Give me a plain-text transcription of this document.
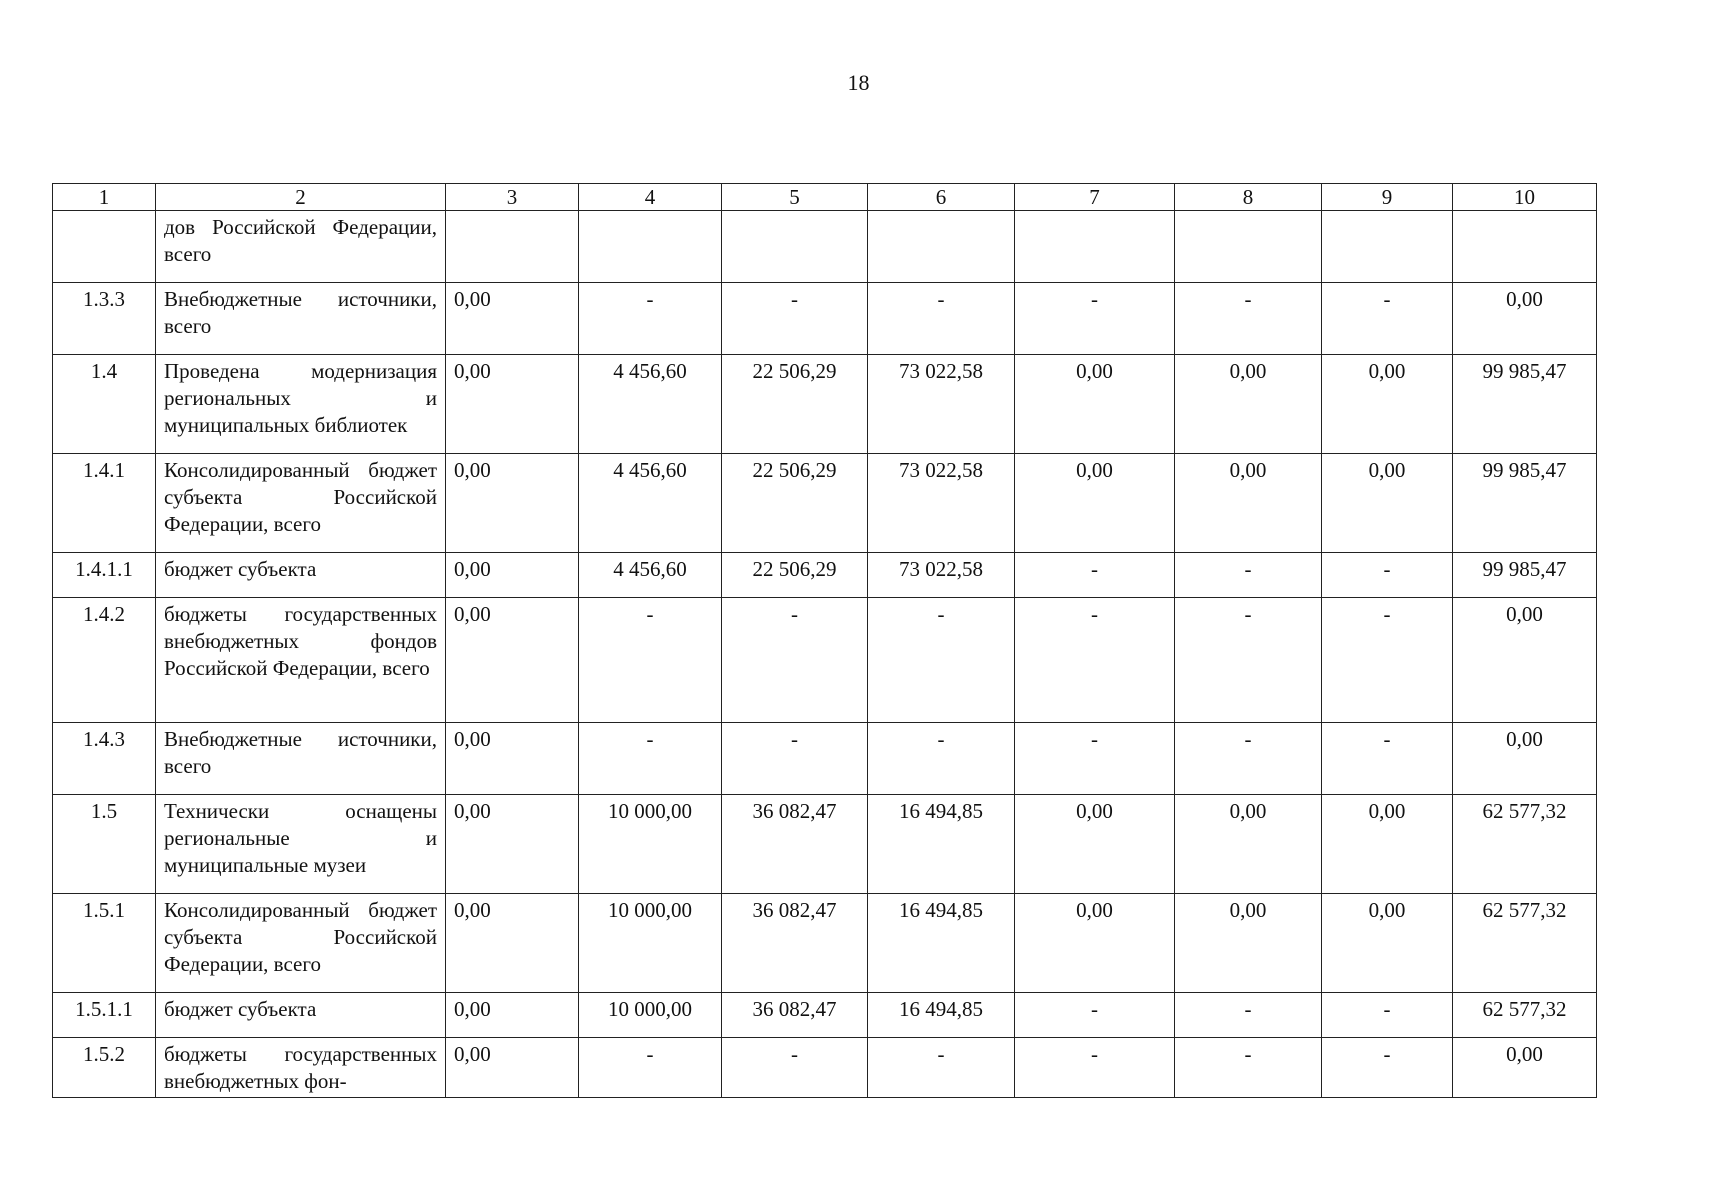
18
1	2	3	4	5	6	7	8	9	10
	дов Российской Федерации, всего								
1.3.3	Внебюджетные источники, всего	0,00	-	-	-	-	-	-	0,00
1.4	Проведена модернизация региональных и муниципальных библиотек	0,00	4 456,60	22 506,29	73 022,58	0,00	0,00	0,00	99 985,47
1.4.1	Консолидированный бюджет субъекта Российской Федерации, всего	0,00	4 456,60	22 506,29	73 022,58	0,00	0,00	0,00	99 985,47
1.4.1.1	бюджет субъекта	0,00	4 456,60	22 506,29	73 022,58	-	-	-	99 985,47
1.4.2	бюджеты государственных внебюджетных фондов Российской Федерации, всего	0,00	-	-	-	-	-	-	0,00
1.4.3	Внебюджетные источники, всего	0,00	-	-	-	-	-	-	0,00
1.5	Технически оснащены региональные и муниципальные музеи	0,00	10 000,00	36 082,47	16 494,85	0,00	0,00	0,00	62 577,32
1.5.1	Консолидированный бюджет субъекта Российской Федерации, всего	0,00	10 000,00	36 082,47	16 494,85	0,00	0,00	0,00	62 577,32
1.5.1.1	бюджет субъекта	0,00	10 000,00	36 082,47	16 494,85	-	-	-	62 577,32
1.5.2	бюджеты государственных внебюджетных фон-	0,00	-	-	-	-	-	-	0,00
